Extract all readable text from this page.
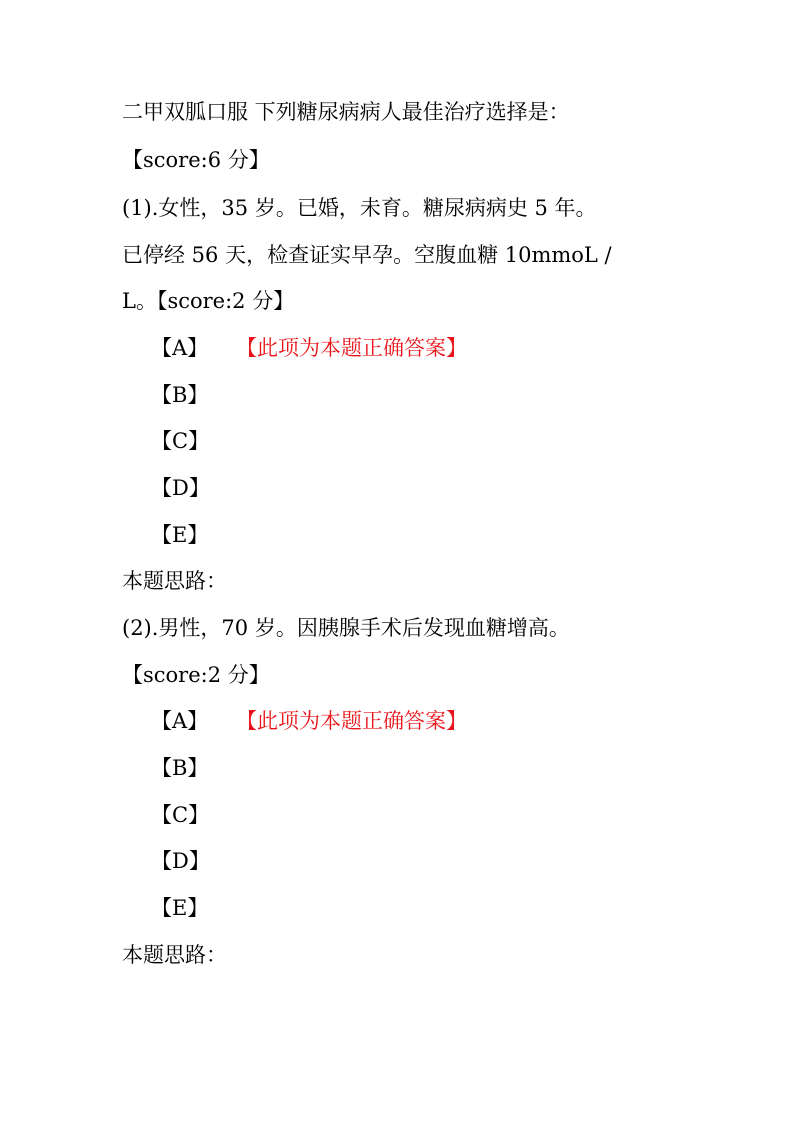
二甲双胍口服 下列糖尿病病人最佳治疗选择是：
【score:6 分】
(1).女性，35 岁。已婚，未育。糖尿病病史 5 年。
已停经 56 天，检查证实早孕。空腹血糖 10mmoL /
L。【score:2 分】
【A】 【此项为本题正确答案】
【B】
【C】
【D】
【E】
本题思路：
(2).男性，70 岁。因胰腺手术后发现血糖增高。
【score:2 分】
【A】 【此项为本题正确答案】
【B】
【C】
【D】
【E】
本题思路：
